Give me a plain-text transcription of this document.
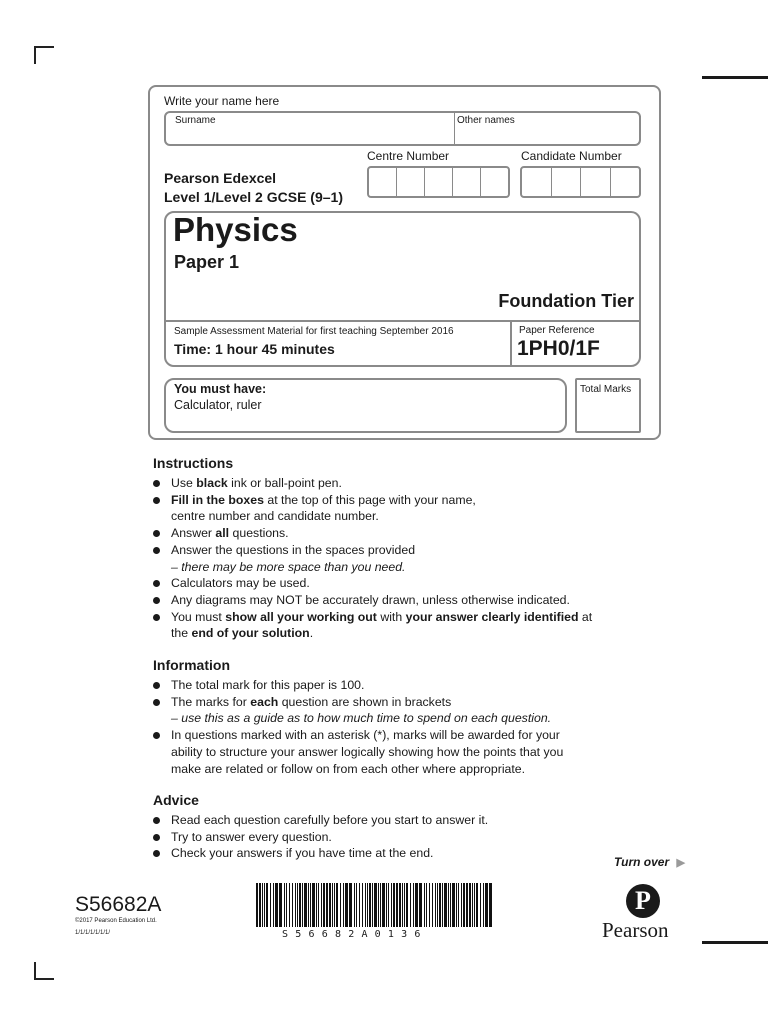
Write your name here
Surname	Other names
Centre Number	Candidate Number
Pearson Edexcel
Level 1/Level 2 GCSE (9–1)
Physics
Paper 1
Foundation Tier
Sample Assessment Material for first teaching September 2016
Time: 1 hour 45 minutes
Paper Reference
1PH0/1F
You must have:
Calculator, ruler
Total Marks
Instructions
Use black ink or ball-point pen.
Fill in the boxes at the top of this page with your name,
centre number and candidate number.
Answer all questions.
Answer the questions in the spaces provided
– there may be more space than you need.
Calculators may be used.
Any diagrams may NOT be accurately drawn, unless otherwise indicated.
You must show all your working out with your answer clearly identified at
the end of your solution.
Information
The total mark for this paper is 100.
The marks for each question are shown in brackets
– use this as a guide as to how much time to spend on each question.
In questions marked with an asterisk (*), marks will be awarded for your
ability to structure your answer logically showing how the points that you
make are related or follow on from each other where appropriate.
Advice
Read each question carefully before you start to answer it.
Try to answer every question.
Check your answers if you have time at the end.
Turn over ▶
S56682A
©2017 Pearson Education Ltd.
1/1/1/1/1/1/1/	S 5 6 6 8 2 A 0 1 3 6
P
Pearson
